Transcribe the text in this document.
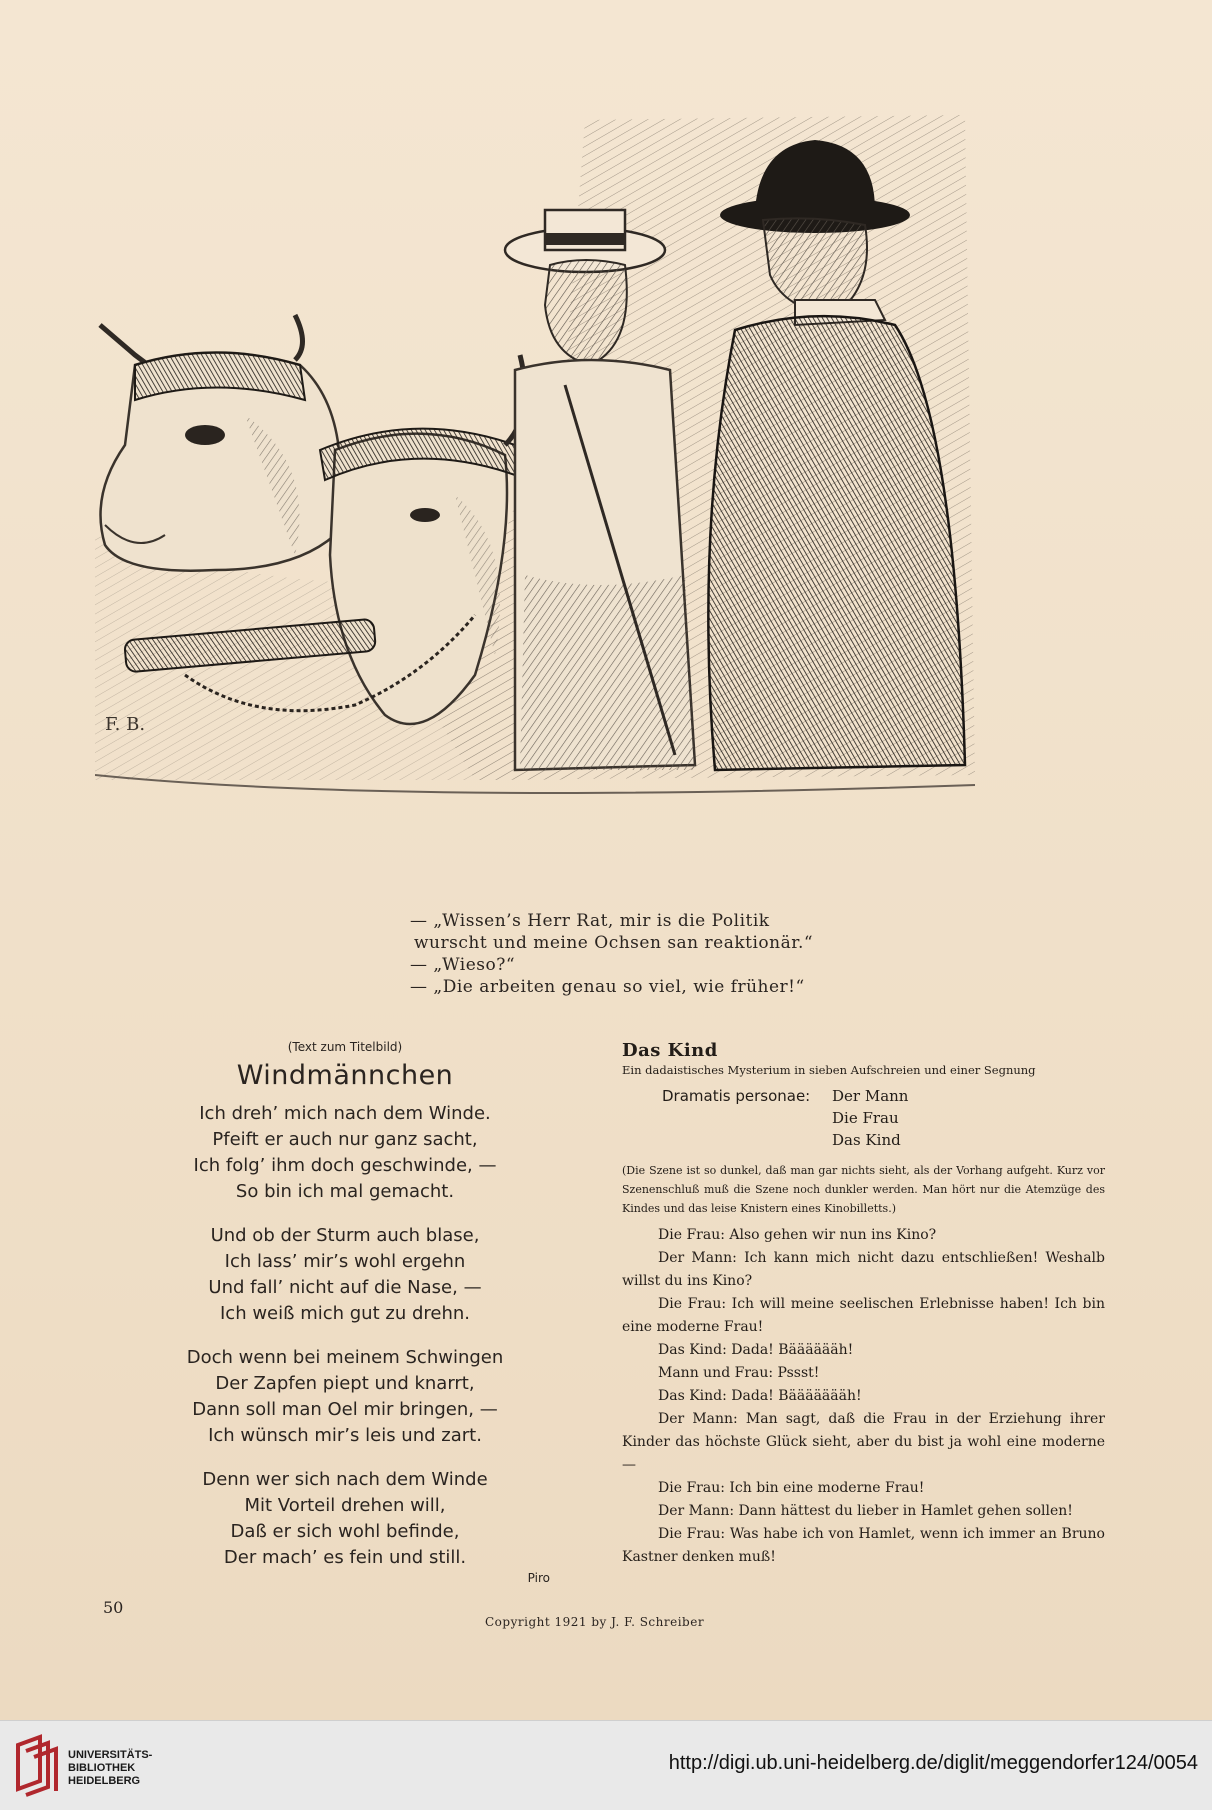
F. B.

— „Wissen’s Herr Rat, mir is die Politik

wurscht und meine Ochsen san reaktionär.“

— „Wieso?“

— „Die arbeiten genau so viel, wie früher!“

(Text zum Titelbild)

Windmännchen

Ich dreh’ mich nach dem Winde.

Pfeift er auch nur ganz sacht,

Ich folg’ ihm doch geschwinde, —

So bin ich mal gemacht.

Und ob der Sturm auch blase,

Ich lass’ mir’s wohl ergehn

Und fall’ nicht auf die Nase, —

Ich weiß mich gut zu drehn.

Doch wenn bei meinem Schwingen

Der Zapfen piept und knarrt,

Dann soll man Oel mir bringen, —

Ich wünsch mir’s leis und zart.

Denn wer sich nach dem Winde

Mit Vorteil drehen will,

Daß er sich wohl befinde,

Der mach’ es fein und still.

Piro
Das Kind

Ein dadaistisches Mysterium in sieben Aufschreien und einer Segnung

Dramatis personae: Der Mann

Die Frau

Das Kind

(Die Szene ist so dunkel, daß man gar nichts sieht, als der Vorhang aufgeht. Kurz vor Szenenschluß muß die Szene noch dunkler werden. Man hört nur die Atemzüge des Kindes und das leise Knistern eines Kinobilletts.)

Die Frau: Also gehen wir nun ins Kino?

Der Mann: Ich kann mich nicht dazu entschließen! Weshalb willst du ins Kino?

Die Frau: Ich will meine seelischen Erlebnisse haben! Ich bin eine moderne Frau!

Das Kind: Dada! Bääääääh!

Mann und Frau: Pssst!

Das Kind: Dada! Bäääääääh!

Der Mann: Man sagt, daß die Frau in der Erziehung ihrer Kinder das höchste Glück sieht, aber du bist ja wohl eine moderne —

Die Frau: Ich bin eine moderne Frau!

Der Mann: Dann hättest du lieber in Hamlet gehen sollen!

Die Frau: Was habe ich von Hamlet, wenn ich immer an Bruno Kastner denken muß!

50
Copyright 1921 by J. F. Schreiber
UNIVERSITÄTS-
BIBLIOTHEK
HEIDELBERG
http://digi.ub.uni-heidelberg.de/diglit/meggendorfer124/0054
